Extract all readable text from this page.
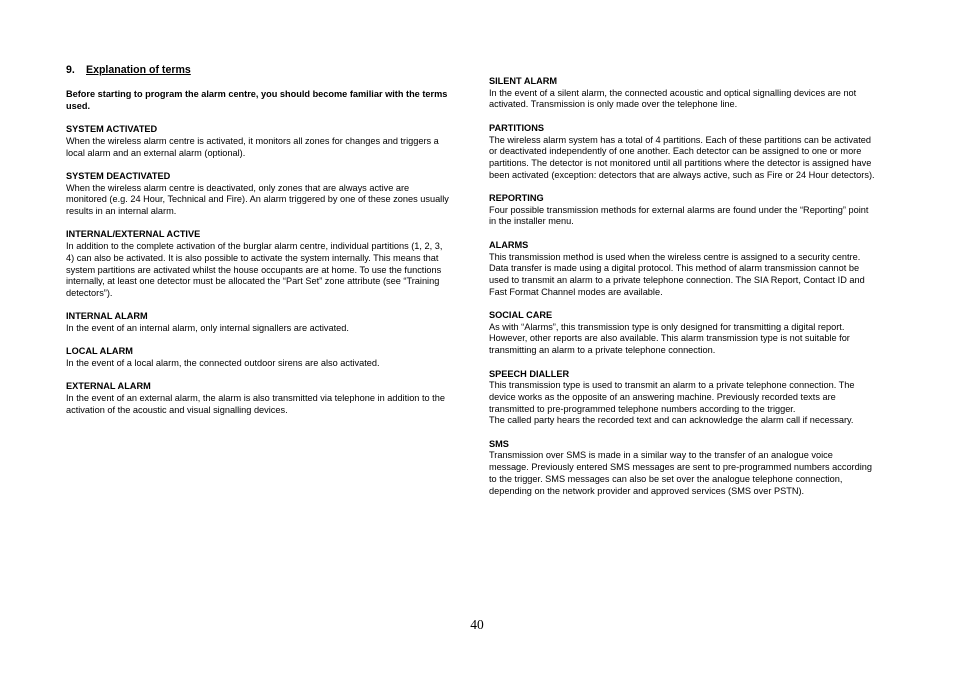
9. Explanation of terms

Before starting to program the alarm centre, you should become familiar with the terms used.

SYSTEM ACTIVATED

When the wireless alarm centre is activated, it monitors all zones for changes and triggers a local alarm and an external alarm (optional).

SYSTEM DEACTIVATED

When the wireless alarm centre is deactivated, only zones that are always active are monitored (e.g. 24 Hour, Technical and Fire). An alarm triggered by one of these zones usually results in an internal alarm.

INTERNAL/EXTERNAL ACTIVE

In addition to the complete activation of the burglar alarm centre, individual partitions (1, 2, 3, 4) can also be activated. It is also possible to activate the system internally. This means that system partitions are activated whilst the house occupants are at home. To use the functions internally, at least one detector must be allocated the “Part Set” zone attribute (see “Training detectors”).

INTERNAL ALARM

In the event of an internal alarm, only internal signallers are activated.

LOCAL ALARM

In the event of a local alarm, the connected outdoor sirens are also activated.

EXTERNAL ALARM

In the event of an external alarm, the alarm is also transmitted via telephone in addition to the activation of the acoustic and visual signalling devices.

SILENT ALARM

In the event of a silent alarm, the connected acoustic and optical signalling devices are not activated. Transmission is only made over the telephone line.

PARTITIONS

The wireless alarm system has a total of 4 partitions. Each of these partitions can be activated or deactivated independently of one another. Each detector can be assigned to one or more partitions. The detector is not monitored until all partitions where the detector is assigned have been activated (exception: detectors that are always active, such as Fire or 24 Hour detectors).

REPORTING

Four possible transmission methods for external alarms are found under the “Reporting” point in the installer menu.

ALARMS

This transmission method is used when the wireless centre is assigned to a security centre. Data transfer is made using a digital protocol. This method of alarm transmission cannot be used to transmit an alarm to a private telephone connection. The SIA Report, Contact ID and Fast Format Channel modes are available.

SOCIAL CARE

As with “Alarms”, this transmission type is only designed for transmitting a digital report. However, other reports are also available. This alarm transmission type is not suitable for transmitting an alarm to a private telephone connection.

SPEECH DIALLER

This transmission type is used to transmit an alarm to a private telephone connection. The device works as the opposite of an answering machine. Previously recorded texts are transmitted to pre-programmed telephone numbers according to the trigger.

The called party hears the recorded text and can acknowledge the alarm call if necessary.

SMS

Transmission over SMS is made in a similar way to the transfer of an analogue voice message. Previously entered SMS messages are sent to pre-programmed numbers according to the trigger. SMS messages can also be set over the analogue telephone connection, depending on the network provider and approved services (SMS over PSTN).

40
